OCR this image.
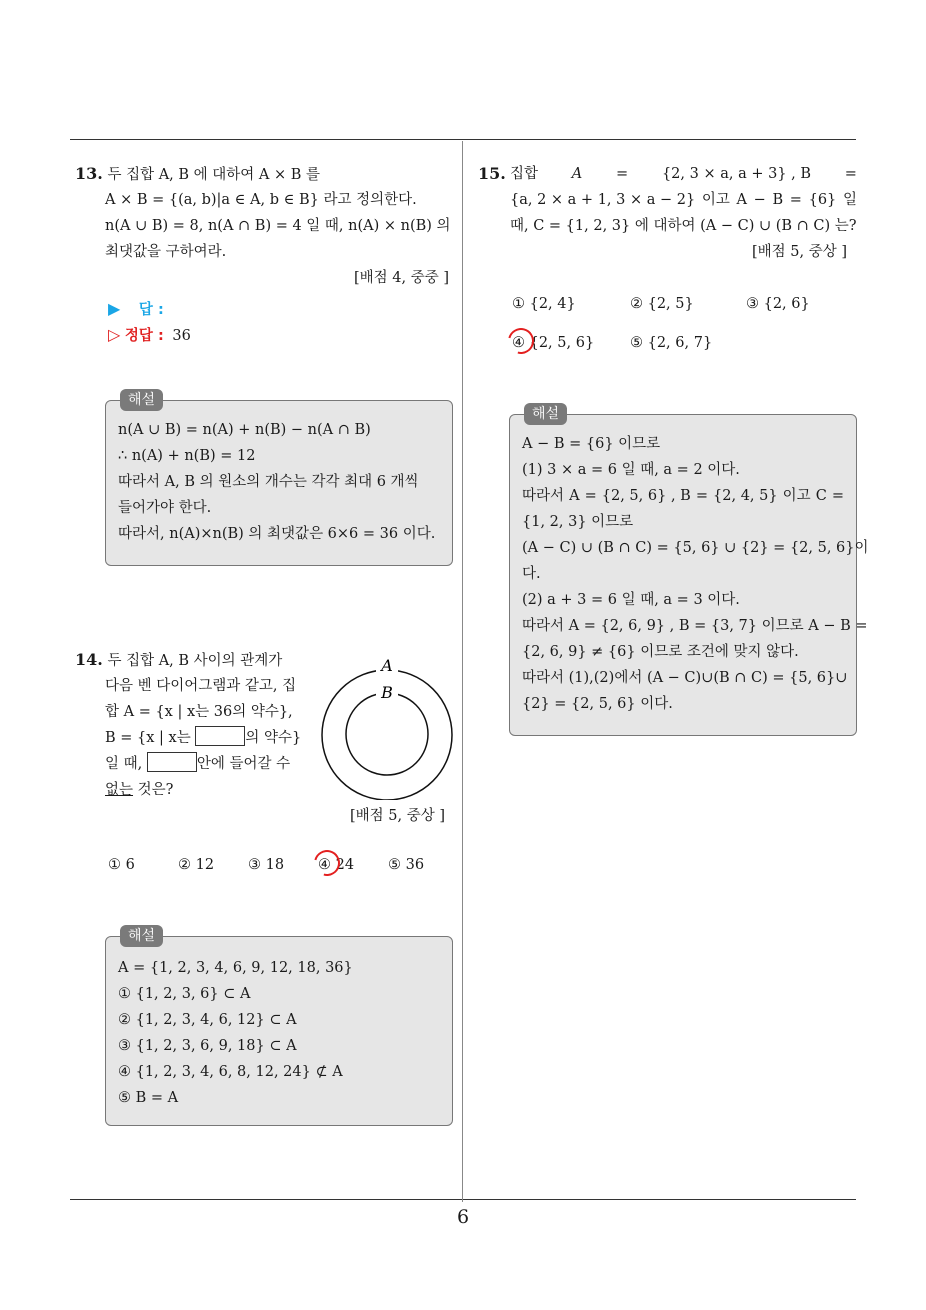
6
13. 두 집합 A, B 에 대하여 A × B 를
A × B = {(a, b)|a ∈ A, b ∈ B} 라고 정의한다.
n(A ∪ B) = 8, n(A ∩ B) = 4 일 때, n(A) × n(B) 의
최댓값을 구하여라.
[배점 4, 중중 ]
▶ 답 :
▷ 정답 : 36
해설
n(A ∪ B) = n(A) + n(B) − n(A ∩ B)
∴ n(A) + n(B) = 12
따라서 A, B 의 원소의 개수는 각각 최대 6 개씩
들어가야 한다.
따라서, n(A)×n(B) 의 최댓값은 6×6 = 36 이다.
14. 두 집합 A, B 사이의 관계가
다음 벤 다이어그램과 같고, 집
합 A = {x | x는 36의 약수},
B = {x | x는	의 약수}
일 때,	안에 들어갈 수
없는 것은?
A
B
[배점 5, 중상 ]
① 6	② 12 ③ 18 ④ 24 ⑤ 36
해설
A = {1, 2, 3, 4, 6, 9, 12, 18, 36}
① {1, 2, 3, 6} ⊂ A
② {1, 2, 3, 4, 6, 12} ⊂ A
③ {1, 2, 3, 6, 9, 18} ⊂ A
④ {1, 2, 3, 4, 6, 8, 12, 24} ⊄ A
⑤ B = A
15. 집합 A = {2, 3 × a, a + 3} , B =
{a, 2 × a + 1, 3 × a − 2} 이고 A − B = {6} 일
때, C = {1, 2, 3} 에 대하여 (A − C) ∪ (B ∩ C) 는?
[배점 5, 중상 ]
① {2, 4}	② {2, 5}	③ {2, 6}
④ {2, 5, 6} ⑤ {2, 6, 7}
해설
A − B = {6} 이므로
(1) 3 × a = 6 일 때, a = 2 이다.
따라서 A = {2, 5, 6} , B = {2, 4, 5} 이고 C =
{1, 2, 3} 이므로
(A − C) ∪ (B ∩ C) = {5, 6} ∪ {2} = {2, 5, 6} 이
다.
(2) a + 3 = 6 일 때, a = 3 이다.
따라서 A = {2, 6, 9} , B = {3, 7} 이므로 A − B =
{2, 6, 9} ≠ {6} 이므로 조건에 맞지 않다.
따라서 (1),(2)에서 (A − C)∪(B ∩ C) = {5, 6}∪
{2} = {2, 5, 6} 이다.
